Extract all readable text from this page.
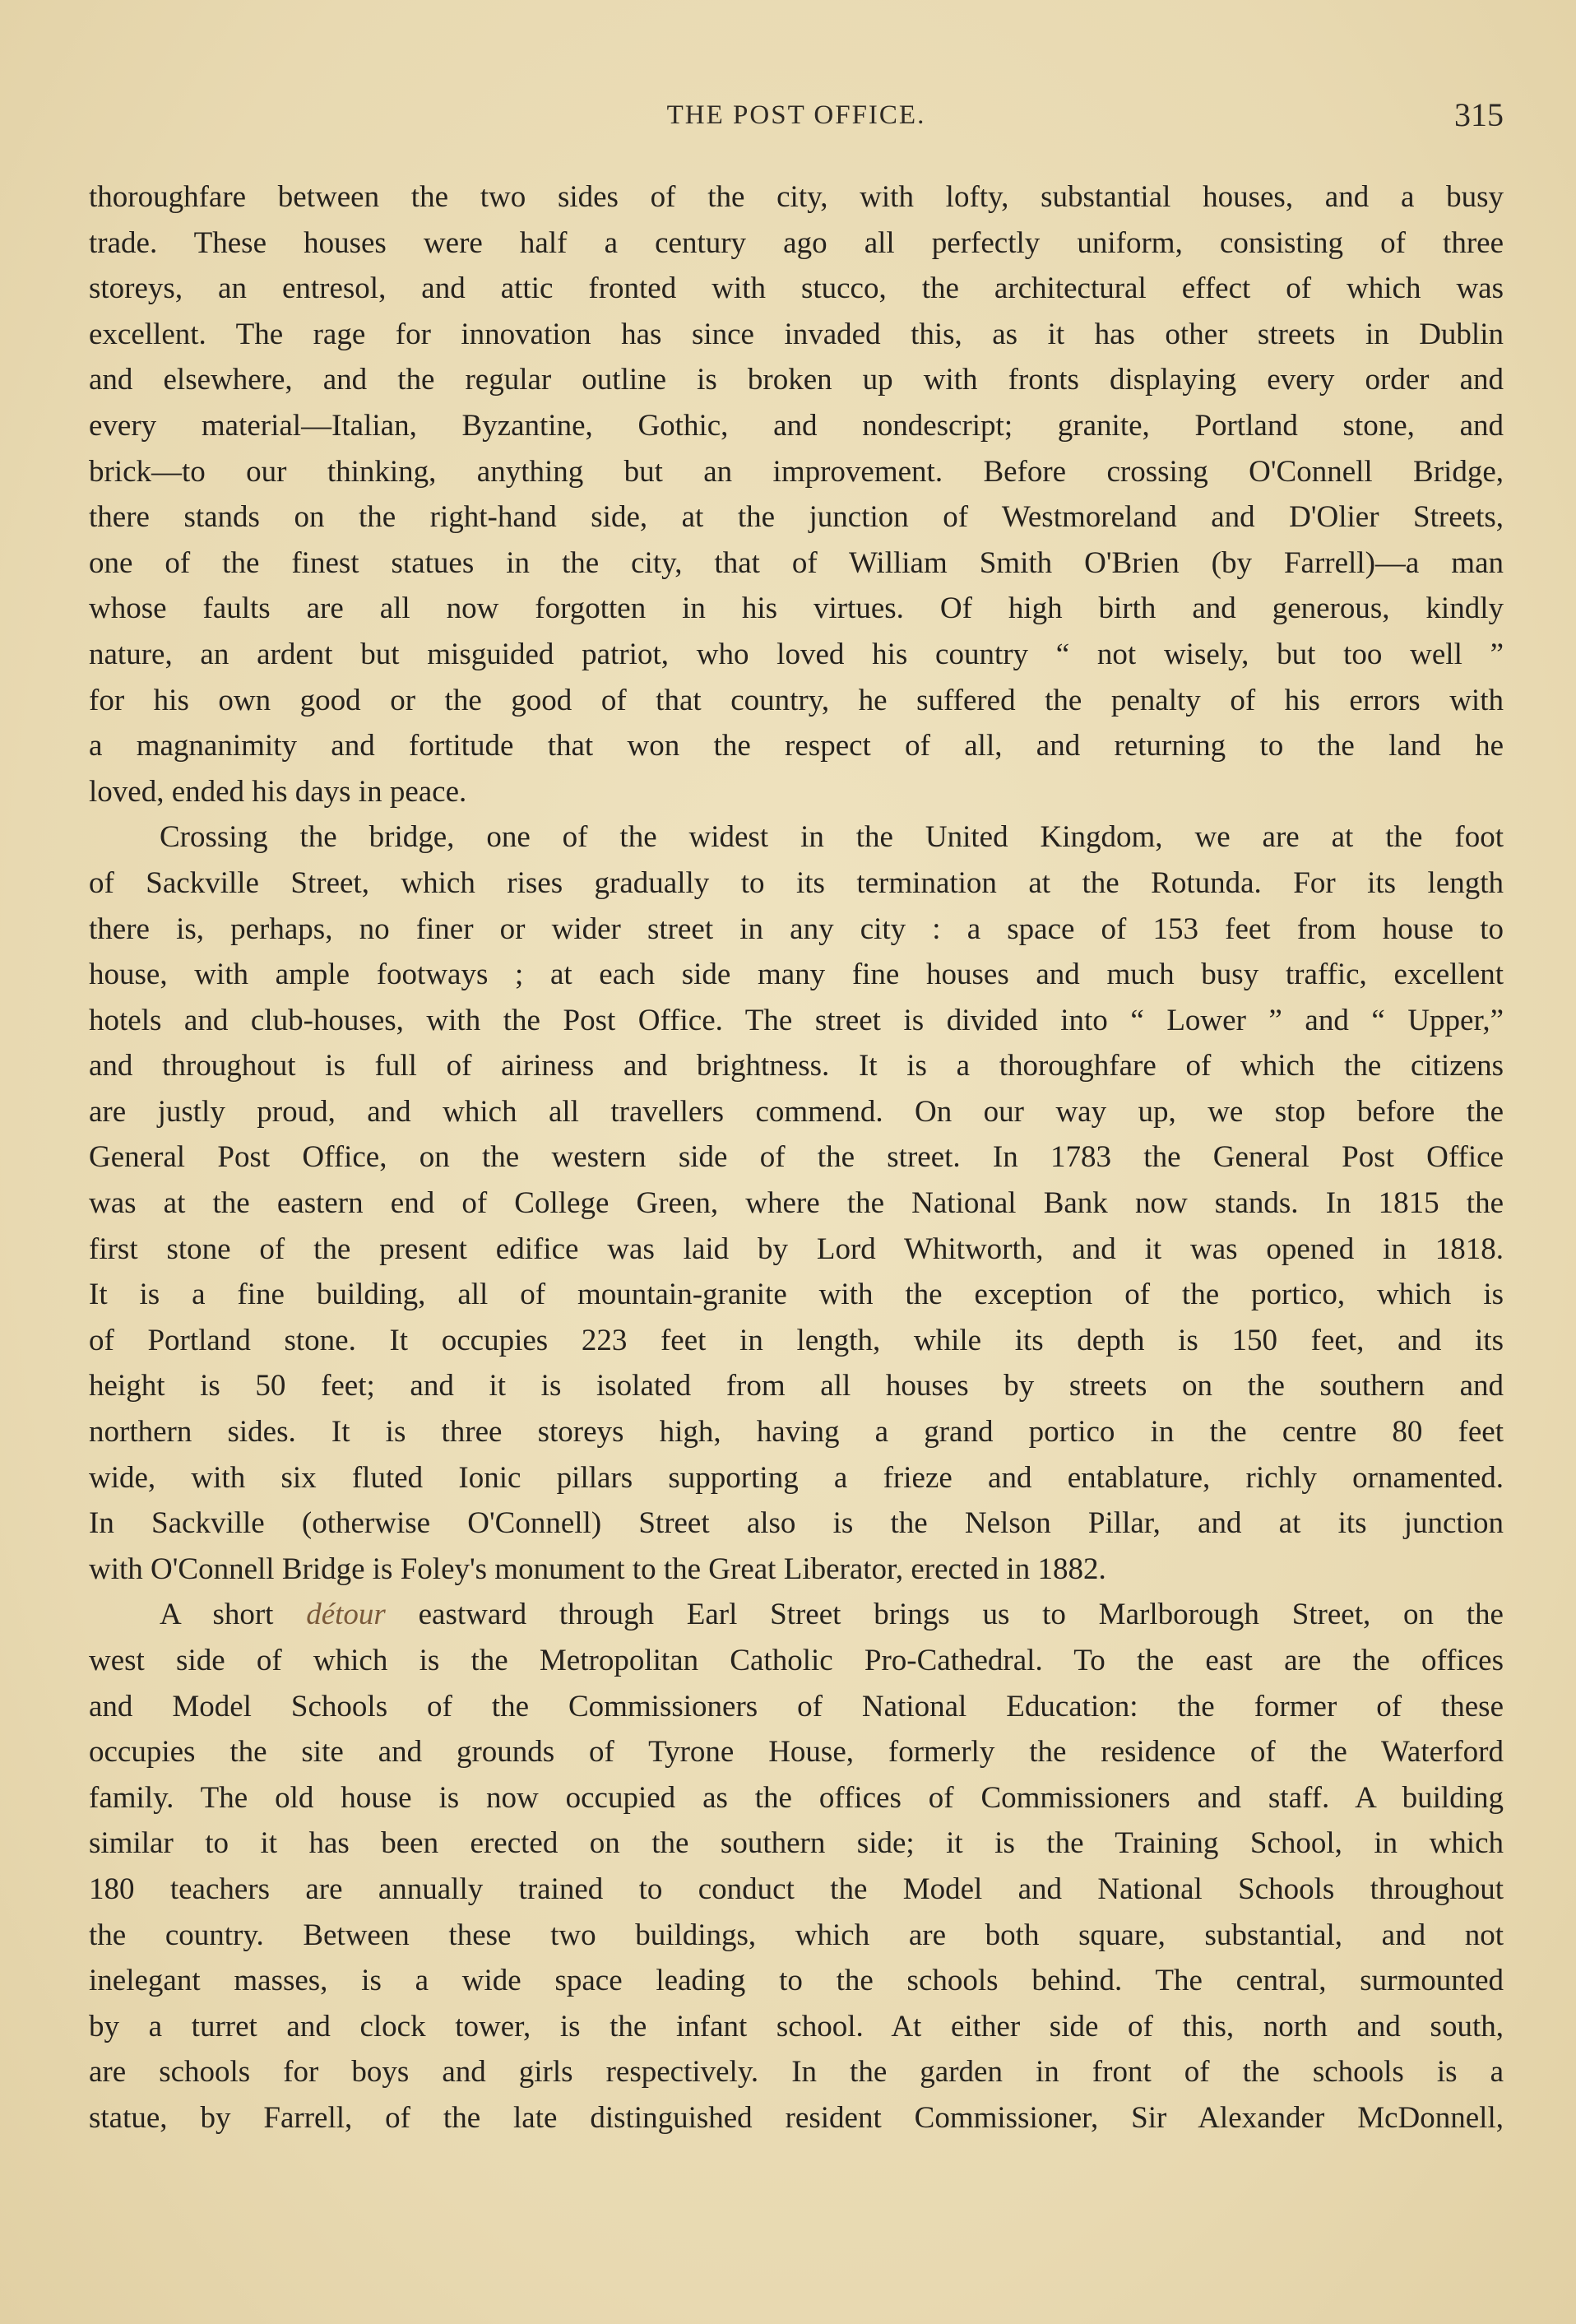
THE POST OFFICE.	315

thoroughfare between the two sides of the city, with lofty, substantial houses, and a busy

trade. These houses were half a century ago all perfectly uniform, consisting of three

storeys, an entresol, and attic fronted with stucco, the architectural effect of which was

excellent. The rage for innovation has since invaded this, as it has other streets in Dublin

and elsewhere, and the regular outline is broken up with fronts displaying every order and

every material—Italian, Byzantine, Gothic, and nondescript; granite, Portland stone, and

brick—to our thinking, anything but an improvement. Before crossing O'Connell Bridge,

there stands on the right-hand side, at the junction of Westmoreland and D'Olier Streets,

one of the finest statues in the city, that of William Smith O'Brien (by Farrell)—a man

whose faults are all now forgotten in his virtues. Of high birth and generous, kindly

nature, an ardent but misguided patriot, who loved his country “ not wisely, but too well ”

for his own good or the good of that country, he suffered the penalty of his errors with

a magnanimity and fortitude that won the respect of all, and returning to the land he

loved, ended his days in peace.

Crossing the bridge, one of the widest in the United Kingdom, we are at the foot

of Sackville Street, which rises gradually to its termination at the Rotunda. For its length

there is, perhaps, no finer or wider street in any city : a space of 153 feet from house to

house, with ample footways ; at each side many fine houses and much busy traffic, excellent

hotels and club-houses, with the Post Office. The street is divided into “ Lower ” and “ Upper,”

and throughout is full of airiness and brightness. It is a thoroughfare of which the citizens

are justly proud, and which all travellers commend. On our way up, we stop before the

General Post Office, on the western side of the street. In 1783 the General Post Office

was at the eastern end of College Green, where the National Bank now stands. In 1815 the

first stone of the present edifice was laid by Lord Whitworth, and it was opened in 1818.

It is a fine building, all of mountain-granite with the exception of the portico, which is

of Portland stone. It occupies 223 feet in length, while its depth is 150 feet, and its

height is 50 feet; and it is isolated from all houses by streets on the southern and

northern sides. It is three storeys high, having a grand portico in the centre 80 feet

wide, with six fluted Ionic pillars supporting a frieze and entablature, richly ornamented.

In Sackville (otherwise O'Connell) Street also is the Nelson Pillar, and at its junction

with O'Connell Bridge is Foley's monument to the Great Liberator, erected in 1882.

A short détour eastward through Earl Street brings us to Marlborough Street, on the

west side of which is the Metropolitan Catholic Pro-Cathedral. To the east are the offices

and Model Schools of the Commissioners of National Education: the former of these

occupies the site and grounds of Tyrone House, formerly the residence of the Waterford

family. The old house is now occupied as the offices of Commissioners and staff. A building

similar to it has been erected on the southern side; it is the Training School, in which

180 teachers are annually trained to conduct the Model and National Schools throughout

the country. Between these two buildings, which are both square, substantial, and not

inelegant masses, is a wide space leading to the schools behind. The central, surmounted

by a turret and clock tower, is the infant school. At either side of this, north and south,

are schools for boys and girls respectively. In the garden in front of the schools is a

statue, by Farrell, of the late distinguished resident Commissioner, Sir Alexander McDonnell,
